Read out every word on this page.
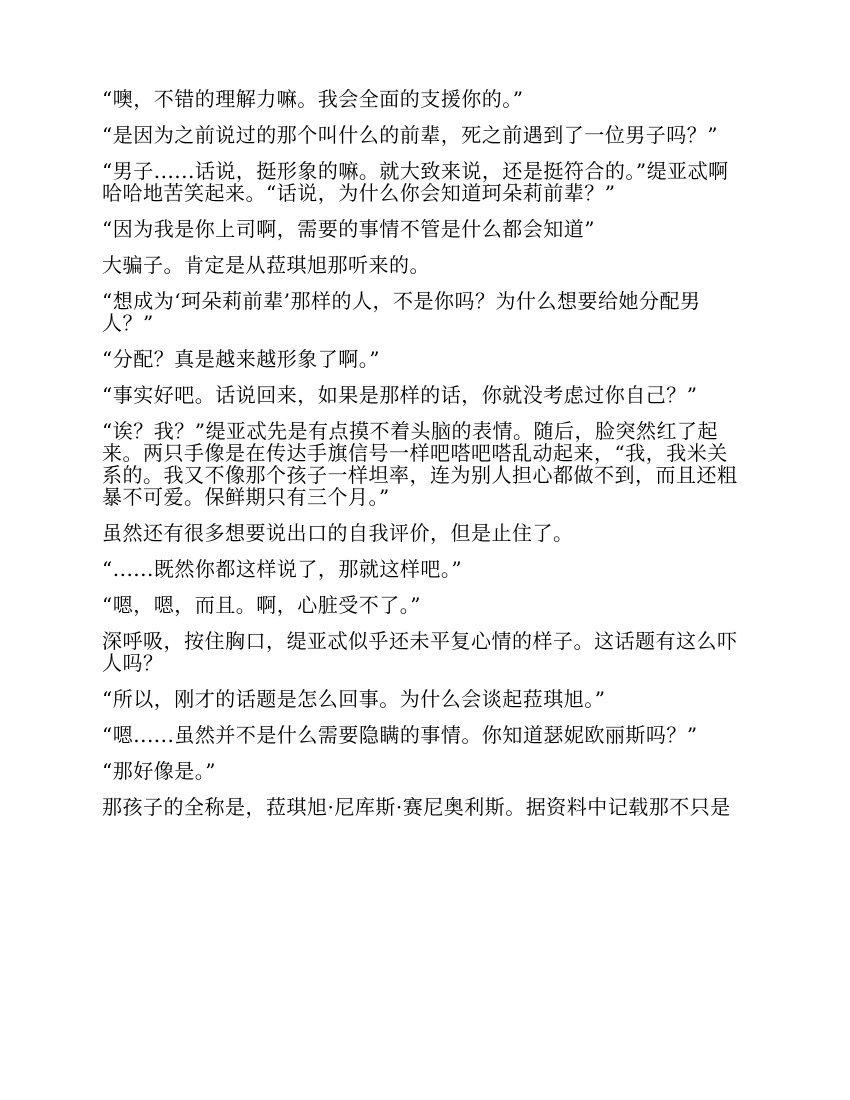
“噢，不错的理解力嘛。我会全面的支援你的。”

“是因为之前说过的那个叫什么的前辈，死之前遇到了一位男子吗？”

“男子......话说，挺形象的嘛。就大致来说，还是挺符合的。”缇亚忒啊哈哈地苦笑起来。“话说，为什么你会知道珂朵莉前辈？”

“因为我是你上司啊，需要的事情不管是什么都会知道”

大骗子。肯定是从菈琪旭那听来的。

“想成为‘珂朵莉前辈’那样的人，不是你吗？为什么想要给她分配男人？”

“分配？真是越来越形象了啊。”

“事实好吧。话说回来，如果是那样的话，你就没考虑过你自己？”

“诶？我？”缇亚忒先是有点摸不着头脑的表情。随后，脸突然红了起来。两只手像是在传达手旗信号一样吧嗒吧嗒乱动起来，“我，我米关系的。我又不像那个孩子一样坦率，连为别人担心都做不到，而且还粗暴不可爱。保鲜期只有三个月。”

虽然还有很多想要说出口的自我评价，但是止住了。

“......既然你都这样说了，那就这样吧。”

“嗯，嗯，而且。啊，心脏受不了。”

深呼吸，按住胸口，缇亚忒似乎还未平复心情的样子。这话题有这么吓人吗？

“所以，刚才的话题是怎么回事。为什么会谈起菈琪旭。”

“嗯......虽然并不是什么需要隐瞒的事情。你知道瑟妮欧丽斯吗？”

“那好像是。”

那孩子的全称是，菈琪旭·尼库斯·赛尼奥利斯。据资料中记载那不只是
